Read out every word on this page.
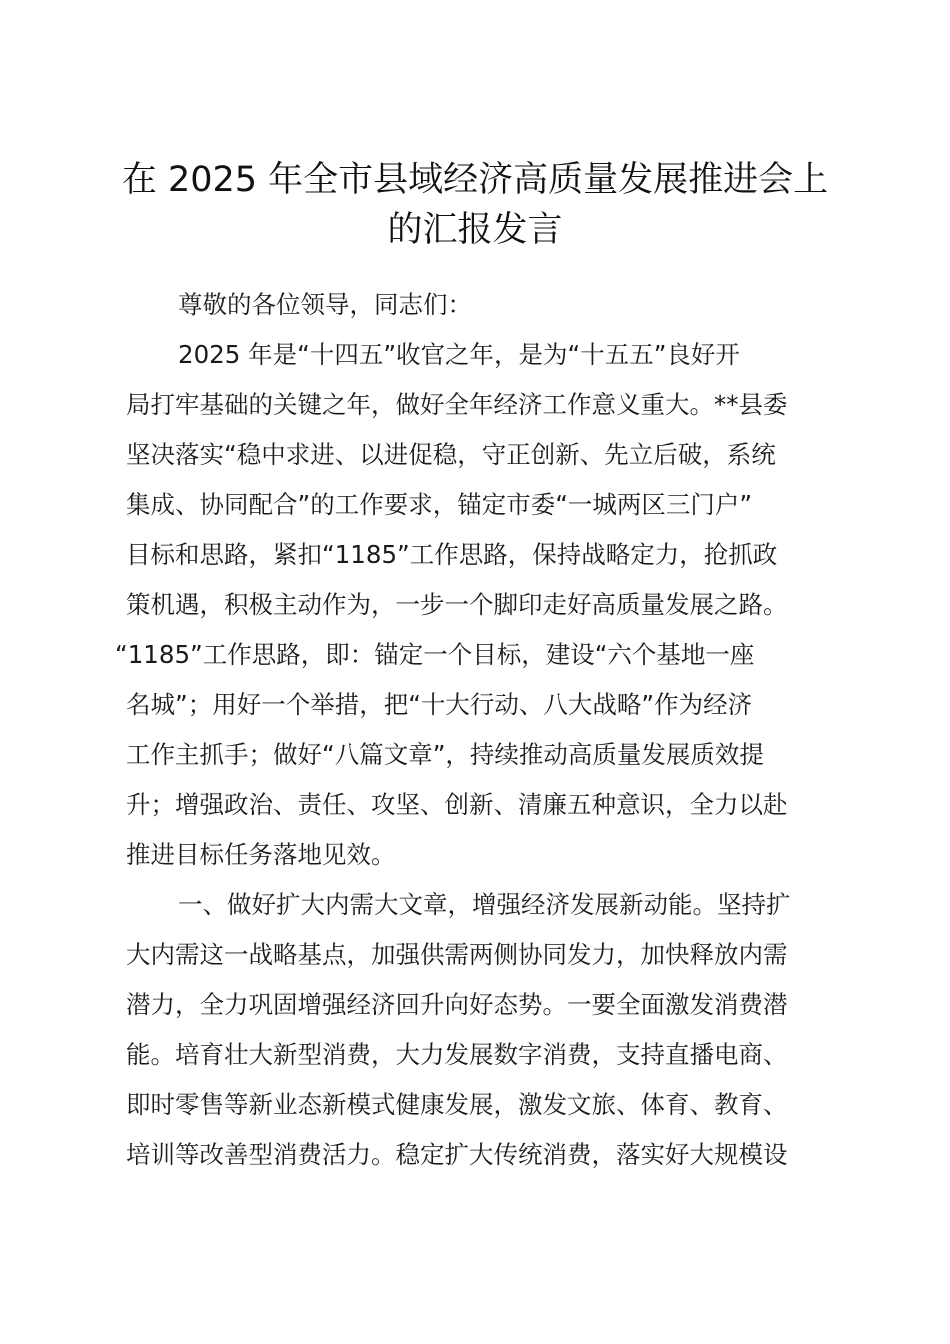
在 2025 年全市县域经济高质量发展推进会上
的汇报发言

尊敬的各位领导，同志们：

2025 年是“十四五”收官之年，是为“十五五”良好开

局打牢基础的关键之年，做好全年经济工作意义重大。**县委

坚决落实“稳中求进、以进促稳，守正创新、先立后破，系统

集成、协同配合”的工作要求，锚定市委“一城两区三门户”

目标和思路，紧扣“1185”工作思路，保持战略定力，抢抓政

策机遇，积极主动作为，一步一个脚印走好高质量发展之路。

“1185”工作思路，即：锚定一个目标，建设“六个基地一座

名城”；用好一个举措，把“十大行动、八大战略”作为经济

工作主抓手；做好“八篇文章”，持续推动高质量发展质效提

升；增强政治、责任、攻坚、创新、清廉五种意识，全力以赴

推进目标任务落地见效。

一、做好扩大内需大文章，增强经济发展新动能。坚持扩

大内需这一战略基点，加强供需两侧协同发力，加快释放内需

潜力，全力巩固增强经济回升向好态势。一要全面激发消费潜

能。培育壮大新型消费，大力发展数字消费，支持直播电商、

即时零售等新业态新模式健康发展，激发文旅、体育、教育、

培训等改善型消费活力。稳定扩大传统消费，落实好大规模设
